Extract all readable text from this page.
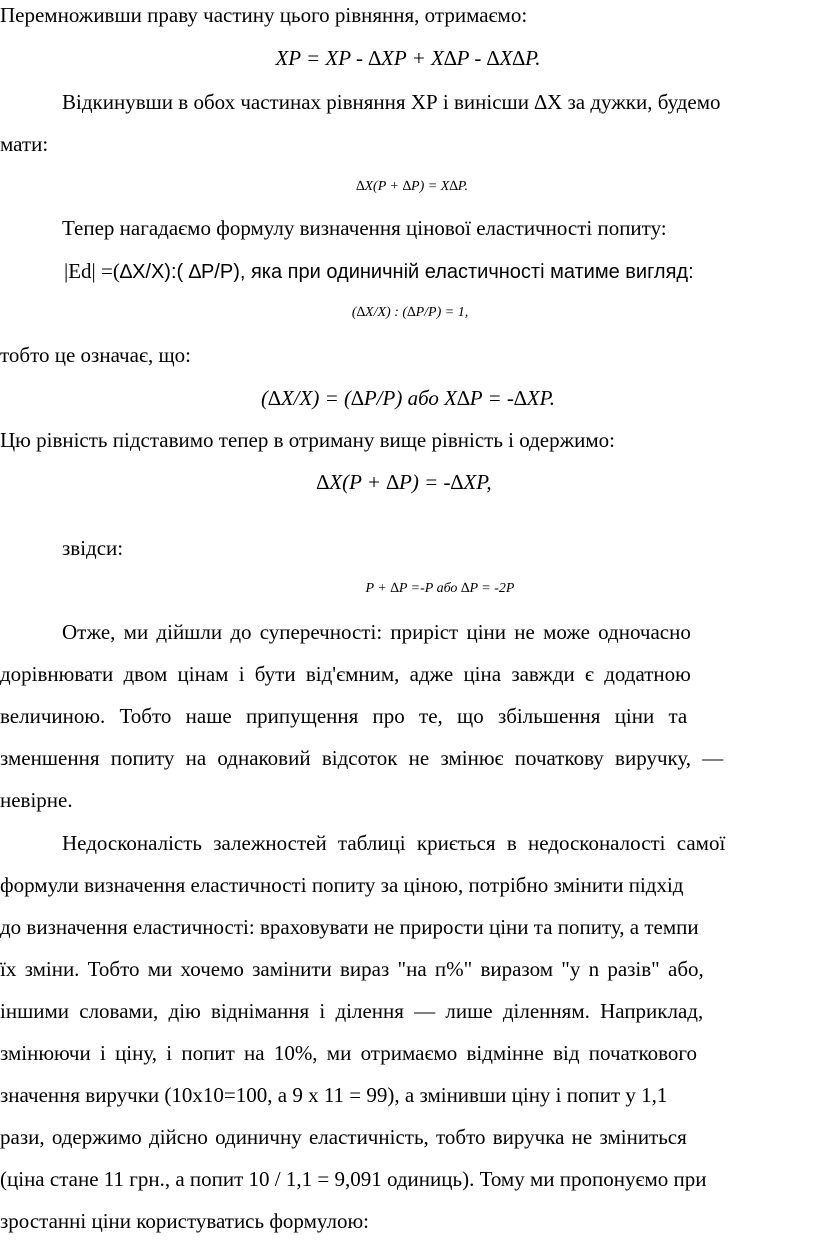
Перемноживши праву частину цього рівняння, отримаємо:
XP = XP - ∆XP + X∆P - ∆X∆P.
Відкинувши в обох частинах рівняння ХР і винісши ∆X за дужки, будемо
мати:
∆X(P + ∆P) = X∆P.
Тепер нагадаємо формулу визначення цінової еластичності попиту:
|Ed| =(∆X/X):( ∆P/P), яка при одиничній еластичності матиме вигляд:
(∆X/X) : (∆P/P) = 1,
тобто це означає, що:
(∆X/X) = (∆P/P) або X∆P = -∆XP.
Цю рівність підставимо тепер в отриману вище рівність і одержимо:
∆X(P + ∆P) = -∆XP,
звідси:
P + ∆P =-P або ∆P = -2P
Отже, ми дійшли до суперечності: приріст ціни не може одночасно
дорівнювати двом цінам і бути від'ємним, адже ціна завжди є додатною
величиною. Тобто наше припущення про те, що збільшення ціни та
зменшення попиту на однаковий відсоток не змінює початкову виручку, —
невірне.
Недосконалість залежностей таблиці криється в недосконалості самої
формули визначення еластичності попиту за ціною, потрібно змінити підхід
до визначення еластичності: враховувати не прирости ціни та попиту, а темпи
їх зміни. Тобто ми хочемо замінити вираз "на п%" виразом "у n разів" або,
іншими словами, дію віднімання і ділення — лише діленням. Наприклад,
змінюючи і ціну, і попит на 10%, ми отримаємо відмінне від початкового
значення виручки (10х10=100, а 9 х 11 = 99), а змінивши ціну і попит у 1,1
рази, одержимо дійсно одиничну еластичність, тобто виручка не зміниться
(ціна стане 11 грн., а попит 10 / 1,1 = 9,091 одиниць). Тому ми пропонуємо при
зростанні ціни користуватись формулою:
